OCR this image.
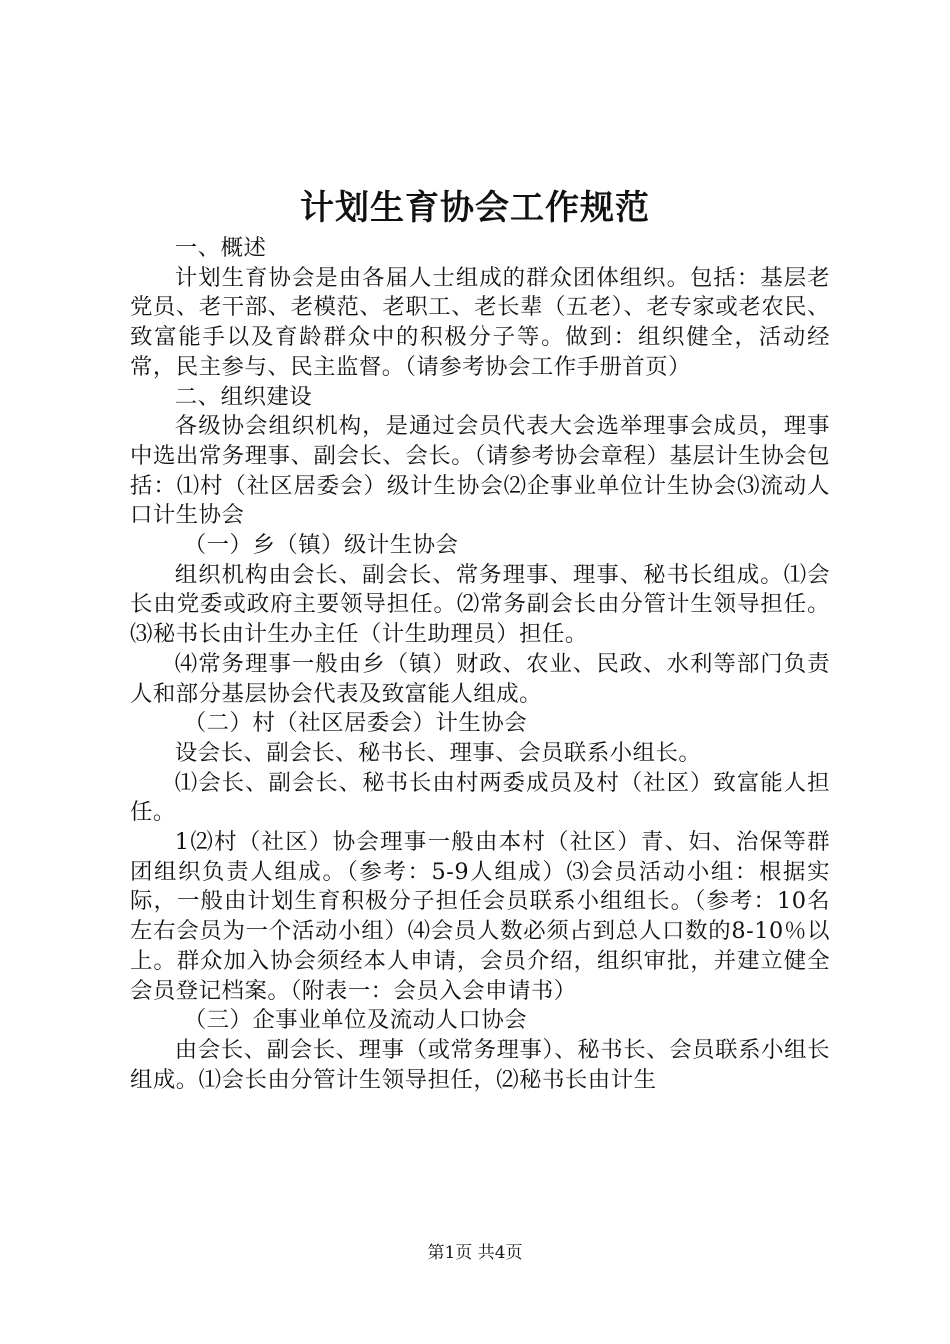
计划生育协会工作规范

一、概述

计划生育协会是由各届人士组成的群众团体组织。包括：基层老党员、老干部、老模范、老职工、老长辈（五老）、老专家或老农民、致富能手以及育龄群众中的积极分子等。做到：组织健全，活动经常，民主参与、民主监督。（请参考协会工作手册首页）

二、组织建设

各级协会组织机构，是通过会员代表大会选举理事会成员，理事中选出常务理事、副会长、会长。（请参考协会章程）基层计生协会包括：⑴村（社区居委会）级计生协会⑵企事业单位计生协会⑶流动人口计生协会

（一）乡（镇）级计生协会

组织机构由会长、副会长、常务理事、理事、秘书长组成。⑴会长由党委或政府主要领导担任。⑵常务副会长由分管计生领导担任。⑶秘书长由计生办主任（计生助理员）担任。

⑷常务理事一般由乡（镇）财政、农业、民政、水利等部门负责人和部分基层协会代表及致富能人组成。

（二）村（社区居委会）计生协会

设会长、副会长、秘书长、理事、会员联系小组长。

⑴会长、副会长、秘书长由村两委成员及村（社区）致富能人担任。

1⑵村（社区）协会理事一般由本村（社区）青、妇、治保等群团组织负责人组成。（参考：5-9人组成）⑶会员活动小组：根据实际，一般由计划生育积极分子担任会员联系小组组长。（参考：10名左右会员为一个活动小组）⑷会员人数必须占到总人口数的8-10％以上。群众加入协会须经本人申请，会员介绍，组织审批，并建立健全会员登记档案。（附表一：会员入会申请书）

（三）企事业单位及流动人口协会

由会长、副会长、理事（或常务理事）、秘书长、会员联系小组长组成。⑴会长由分管计生领导担任，⑵秘书长由计生

第1页 共4页
